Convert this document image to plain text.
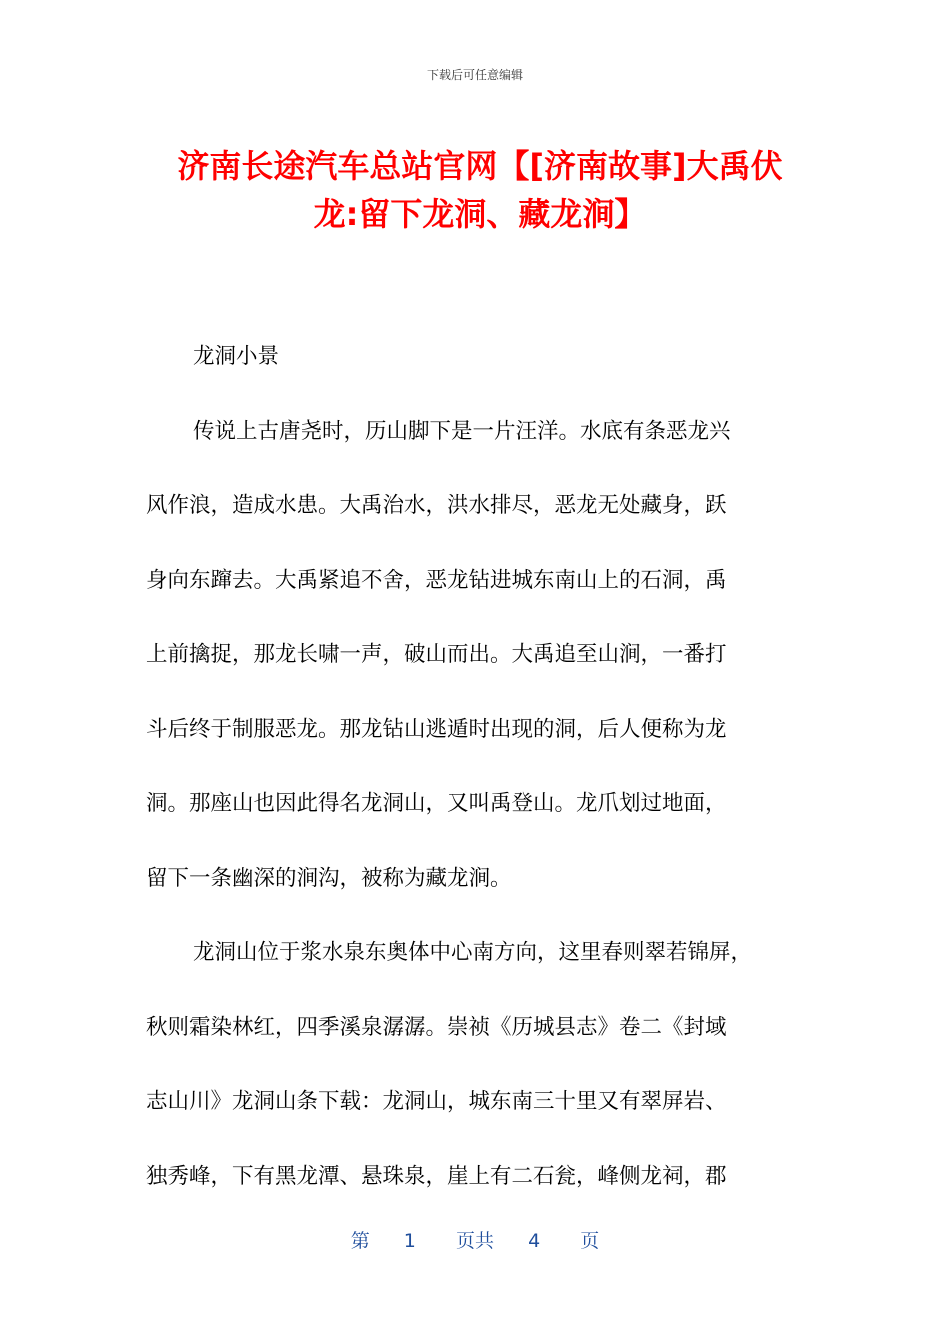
下载后可任意编辑
济南长途汽车总站官网【[济南故事]大禹伏
龙:留下龙洞、藏龙涧】
龙洞小景
传说上古唐尧时，历山脚下是一片汪洋。水底有条恶龙兴
风作浪，造成水患。大禹治水，洪水排尽，恶龙无处藏身，跃
身向东蹿去。大禹紧追不舍，恶龙钻进城东南山上的石洞，禹
上前擒捉，那龙长啸一声，破山而出。大禹追至山涧，一番打
斗后终于制服恶龙。那龙钻山逃遁时出现的洞，后人便称为龙
洞。那座山也因此得名龙洞山，又叫禹登山。龙爪划过地面，
留下一条幽深的涧沟，被称为藏龙涧。
龙洞山位于浆水泉东奥体中心南方向，这里春则翠若锦屏，
秋则霜染林红，四季溪泉潺潺。崇祯《历城县志》卷二《封域
志山川》龙洞山条下载：龙洞山，城东南三十里又有翠屏岩、
独秀峰，下有黑龙潭、悬珠泉，崖上有二石瓮，峰侧龙祠，郡
第 1 页共 4 页
